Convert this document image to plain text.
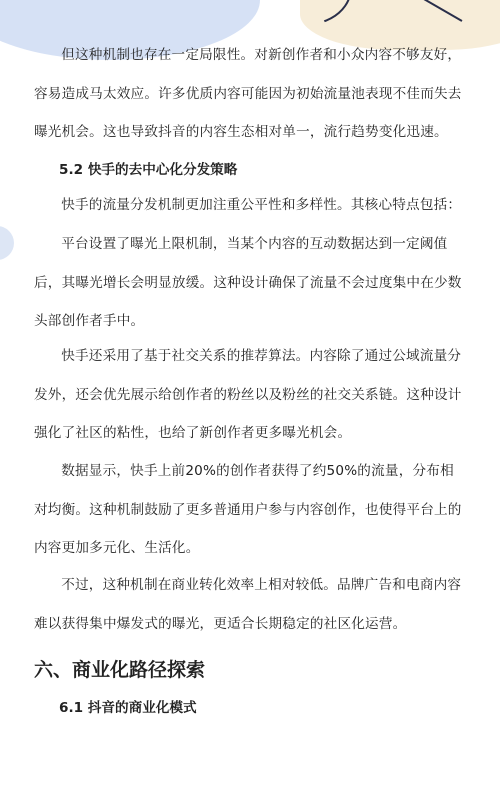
但这种机制也存在一定局限性。对新创作者和小众内容不够友好，容易造成马太效应。许多优质内容可能因为初始流量池表现不佳而失去曝光机会。这也导致抖音的内容生态相对单一，流行趋势变化迅速。

5.2 快手的去中心化分发策略

快手的流量分发机制更加注重公平性和多样性。其核心特点包括：

平台设置了曝光上限机制，当某个内容的互动数据达到一定阈值后，其曝光增长会明显放缓。这种设计确保了流量不会过度集中在少数头部创作者手中。

快手还采用了基于社交关系的推荐算法。内容除了通过公域流量分发外，还会优先展示给创作者的粉丝以及粉丝的社交关系链。这种设计强化了社区的粘性，也给了新创作者更多曝光机会。

数据显示，快手上前20%的创作者获得了约50%的流量，分布相对均衡。这种机制鼓励了更多普通用户参与内容创作，也使得平台上的内容更加多元化、生活化。

不过，这种机制在商业转化效率上相对较低。品牌广告和电商内容难以获得集中爆发式的曝光，更适合长期稳定的社区化运营。

六、商业化路径探索

6.1 抖音的商业化模式
